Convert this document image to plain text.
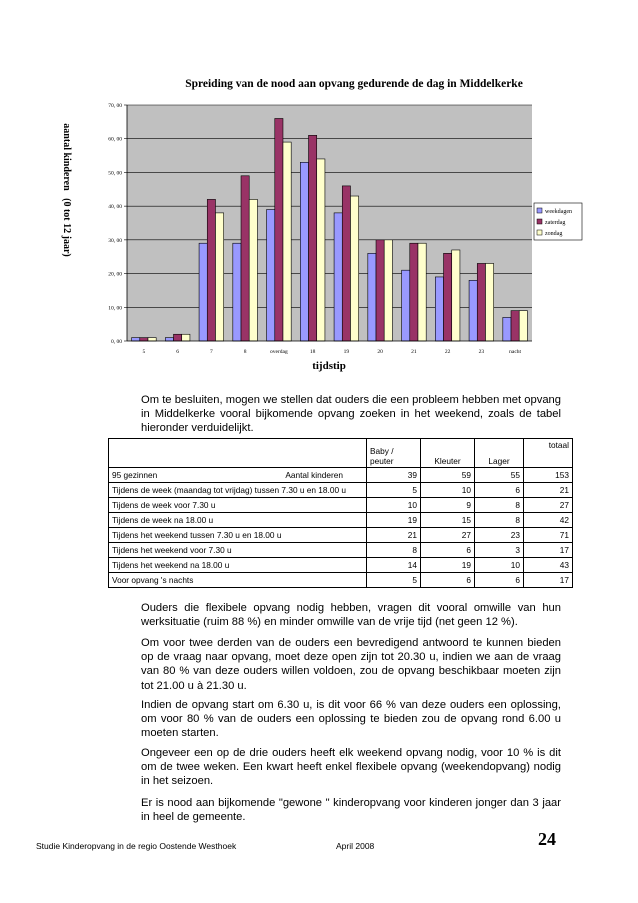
Spreiding van de nood aan opvang gedurende de dag in Middelkerke
0, 00
10, 00
20, 00
30, 00
40, 00
50, 00
60, 00
70, 00
5	6	7	8	overdag	18	19	20	21	22	23	nacht
tijdstip
aantal kinderen   (0 tot 12 jaar)	weekdagen
zaterdag
zondag

Om te besluiten, mogen we stellen dat ouders die een probleem hebben met opvang in Middelkerke vooral bijkomende opvang zoeken in het weekend, zoals de tabel hieronder verduidelijkt.

	Baby / peuter	Kleuter	Lager	totaal
95 gezinnen Aantal kinderen	39	59	55	153
Tijdens de week (maandag tot vrijdag) tussen 7.30 u en 18.00 u	5	10	6	21
Tijdens de week voor 7.30 u	10	9	8	27
Tijdens de week na 18.00 u	19	15	8	42
Tijdens het weekend tussen 7.30 u en 18.00 u	21	27	23	71
Tijdens het weekend voor 7.30 u	8	6	3	17
Tijdens het weekend na 18.00 u	14	19	10	43
Voor opvang 's nachts	5	6	6	17

Ouders die flexibele opvang nodig hebben, vragen dit vooral omwille van hun werksituatie (ruim 88 %) en minder omwille van de vrije tijd (net geen 12 %).

Om voor twee derden van de ouders een bevredigend antwoord te kunnen bieden op de vraag naar opvang, moet deze open zijn tot 20.30 u, indien we aan de vraag van 80 % van deze ouders willen voldoen, zou de opvang beschikbaar moeten zijn tot 21.00 u à 21.30 u.

Indien de opvang start om 6.30 u, is dit voor 66 % van deze ouders een oplossing, om voor 80 % van de ouders een oplossing te bieden zou de opvang rond 6.00 u moeten starten.

Ongeveer een op de drie ouders heeft elk weekend opvang nodig, voor 10 % is dit om de twee weken. Een kwart heeft enkel flexibele opvang (weekendopvang) nodig in het seizoen.

Er is nood aan bijkomende "gewone " kinderopvang voor kinderen jonger dan 3 jaar in heel de gemeente.

Studie Kinderopvang in de regio Oostende Westhoek	April 2008	24
